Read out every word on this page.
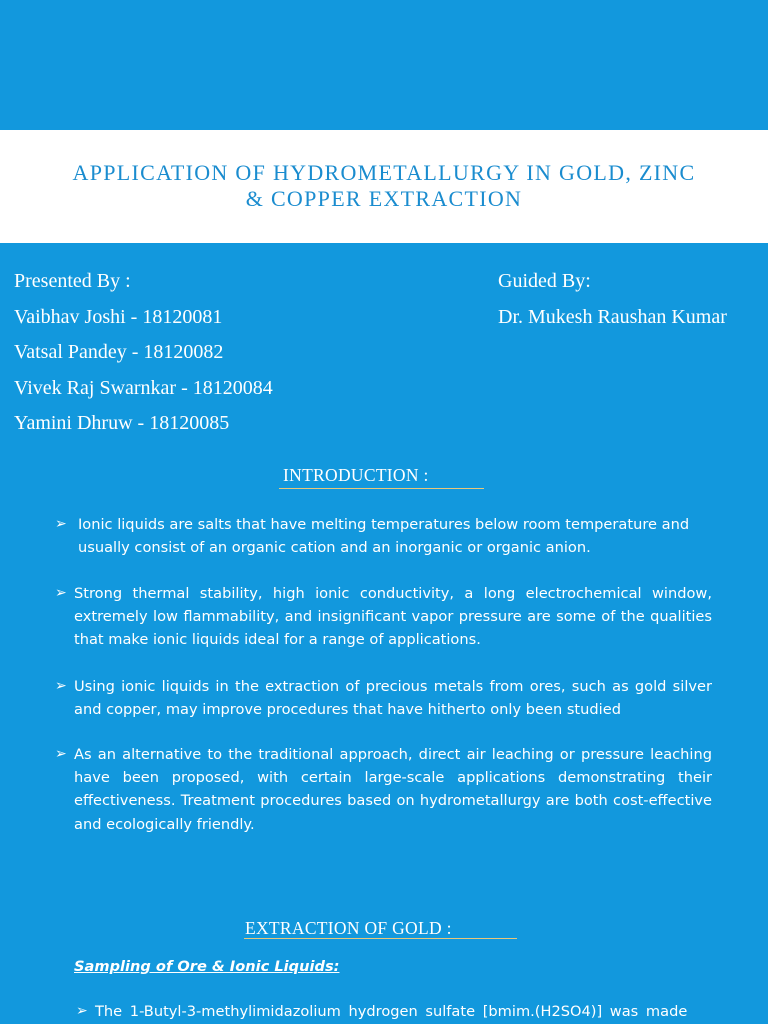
APPLICATION OF HYDROMETALLURGY IN GOLD, ZINC
& COPPER EXTRACTION
Presented By :
Vaibhav Joshi - 18120081
Vatsal Pandey - 18120082
Vivek Raj Swarnkar - 18120084
Yamini Dhruw - 18120085
Guided By:
Dr. Mukesh Raushan Kumar
INTRODUCTION :
➢ Ionic liquids are salts that have melting temperatures below room temperature and usually consist of an organic cation and an inorganic or organic anion.
➢ Strong thermal stability, high ionic conductivity, a long electrochemical window, extremely low flammability, and insignificant vapor pressure are some of the qualities that make ionic liquids ideal for a range of applications.
➢ Using ionic liquids in the extraction of precious metals from ores, such as gold silver and copper, may improve procedures that have hitherto only been studied
➢ As an alternative to the traditional approach, direct air leaching or pressure leaching have been proposed, with certain large-scale applications demonstrating their effectiveness. Treatment procedures based on hydrometallurgy are both cost-effective and ecologically friendly.
EXTRACTION OF GOLD :
Sampling of Ore & Ionic Liquids:
➢ The 1-Butyl-3-methylimidazolium hydrogen sulfate [bmim.(H2SO4)] was made
